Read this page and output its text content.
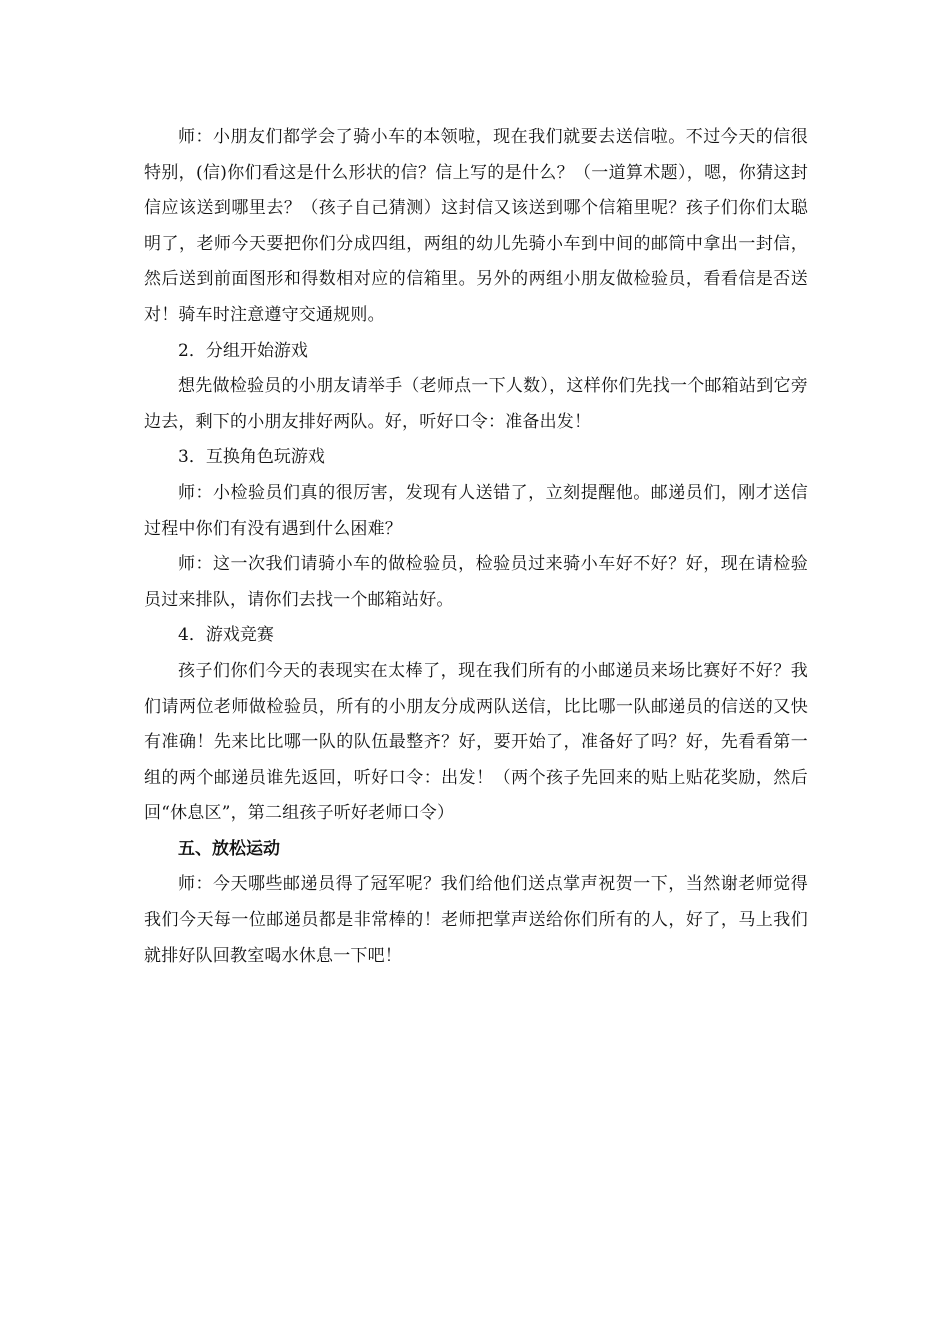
师：小朋友们都学会了骑小车的本领啦，现在我们就要去送信啦。不过今天的信很特别，(信)你们看这是什么形状的信？信上写的是什么？（一道算术题），嗯，你猜这封信应该送到哪里去？（孩子自己猜测）这封信又该送到哪个信箱里呢？孩子们你们太聪明了，老师今天要把你们分成四组，两组的幼儿先骑小车到中间的邮筒中拿出一封信，然后送到前面图形和得数相对应的信箱里。另外的两组小朋友做检验员，看看信是否送对！骑车时注意遵守交通规则。

2．分组开始游戏

想先做检验员的小朋友请举手（老师点一下人数），这样你们先找一个邮箱站到它旁边去，剩下的小朋友排好两队。好，听好口令：准备出发！

3．互换角色玩游戏

师：小检验员们真的很厉害，发现有人送错了，立刻提醒他。邮递员们，刚才送信过程中你们有没有遇到什么困难？

师：这一次我们请骑小车的做检验员，检验员过来骑小车好不好？好，现在请检验员过来排队，请你们去找一个邮箱站好。

4．游戏竞赛

孩子们你们今天的表现实在太棒了，现在我们所有的小邮递员来场比赛好不好？我们请两位老师做检验员，所有的小朋友分成两队送信，比比哪一队邮递员的信送的又快有准确！先来比比哪一队的队伍最整齐？好，要开始了，准备好了吗？好，先看看第一组的两个邮递员谁先返回，听好口令：出发！（两个孩子先回来的贴上贴花奖励，然后回“休息区”，第二组孩子听好老师口令）

五、放松运动

师：今天哪些邮递员得了冠军呢？我们给他们送点掌声祝贺一下，当然谢老师觉得我们今天每一位邮递员都是非常棒的！老师把掌声送给你们所有的人，好了，马上我们就排好队回教室喝水休息一下吧！
